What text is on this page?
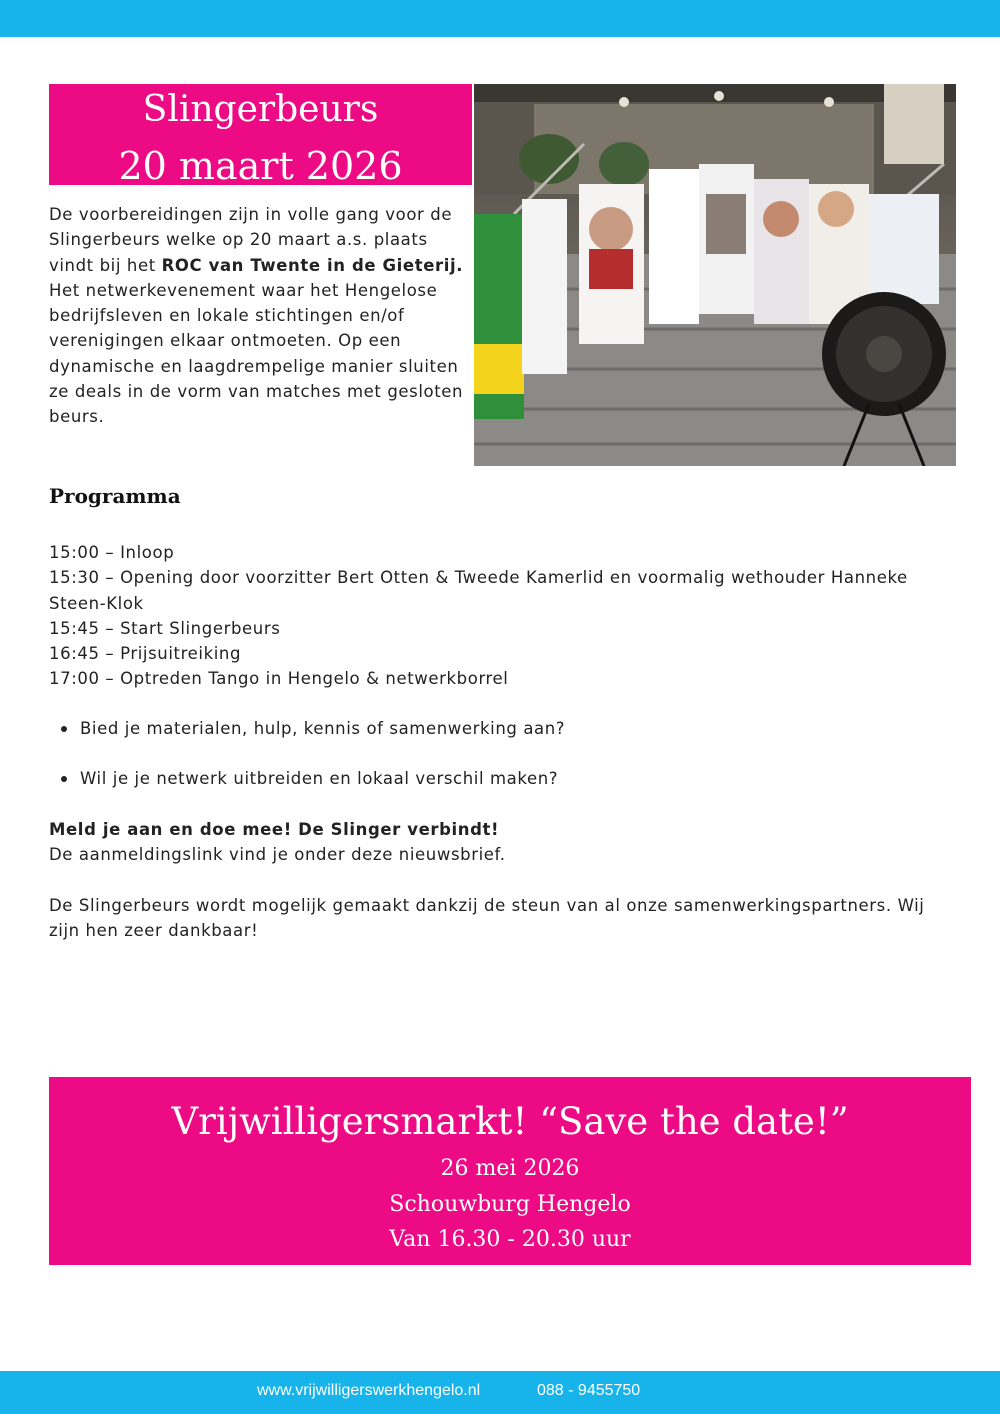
Slingerbeurs
20 maart 2026
De voorbereidingen zijn in volle gang voor de Slingerbeurs welke op 20 maart a.s. plaats vindt bij het ROC van Twente in de Gieterij. Het netwerkevenement waar het Hengelose bedrijfsleven en lokale stichtingen en/of verenigingen elkaar ontmoeten. Op een dynamische en laagdrempelige manier sluiten ze deals in de vorm van matches met gesloten beurs.
Programma
15:00 – Inloop
15:30 – Opening door voorzitter Bert Otten & Tweede Kamerlid en voormalig wethouder Hanneke Steen-Klok
15:45 – Start Slingerbeurs
16:45 – Prijsuitreiking
17:00 – Optreden Tango in Hengelo & netwerkborrel
Bied je materialen, hulp, kennis of samenwerking aan?
Wil je je netwerk uitbreiden en lokaal verschil maken?
Meld je aan en doe mee! De Slinger verbindt!
De aanmeldingslink vind je onder deze nieuwsbrief.
De Slingerbeurs wordt mogelijk gemaakt dankzij de steun van al onze samenwerkingspartners. Wij zijn hen zeer dankbaar!
Vrijwilligersmarkt! “Save the date!”
26 mei 2026
Schouwburg Hengelo
Van 16.30 - 20.30 uur
www.vrijwilligerswerkhengelo.nl	088 - 9455750
